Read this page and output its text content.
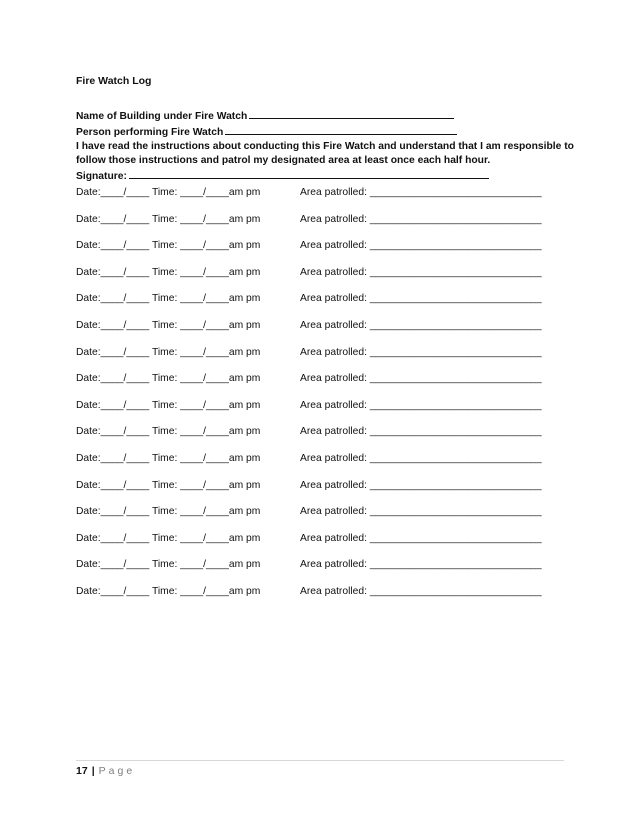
Fire Watch Log
Name of Building under Fire Watch
Person performing Fire Watch
I have read the instructions about conducting this Fire Watch and understand that I am responsible to follow those instructions and patrol my designated area at least once each half hour.
Signature:
Date:____/____ Time: ____/____am pm	Area patrolled: ______________________________
Date:____/____ Time: ____/____am pm	Area patrolled: ______________________________
Date:____/____ Time: ____/____am pm	Area patrolled: ______________________________
Date:____/____ Time: ____/____am pm	Area patrolled: ______________________________
Date:____/____ Time: ____/____am pm	Area patrolled: ______________________________
Date:____/____ Time: ____/____am pm	Area patrolled: ______________________________
Date:____/____ Time: ____/____am pm	Area patrolled: ______________________________
Date:____/____ Time: ____/____am pm	Area patrolled: ______________________________
Date:____/____ Time: ____/____am pm	Area patrolled: ______________________________
Date:____/____ Time: ____/____am pm	Area patrolled: ______________________________
Date:____/____ Time: ____/____am pm	Area patrolled: ______________________________
Date:____/____ Time: ____/____am pm	Area patrolled: ______________________________
Date:____/____ Time: ____/____am pm	Area patrolled: ______________________________
Date:____/____ Time: ____/____am pm	Area patrolled: ______________________________
Date:____/____ Time: ____/____am pm	Area patrolled: ______________________________
Date:____/____ Time: ____/____am pm	Area patrolled: ______________________________
17 | Page
